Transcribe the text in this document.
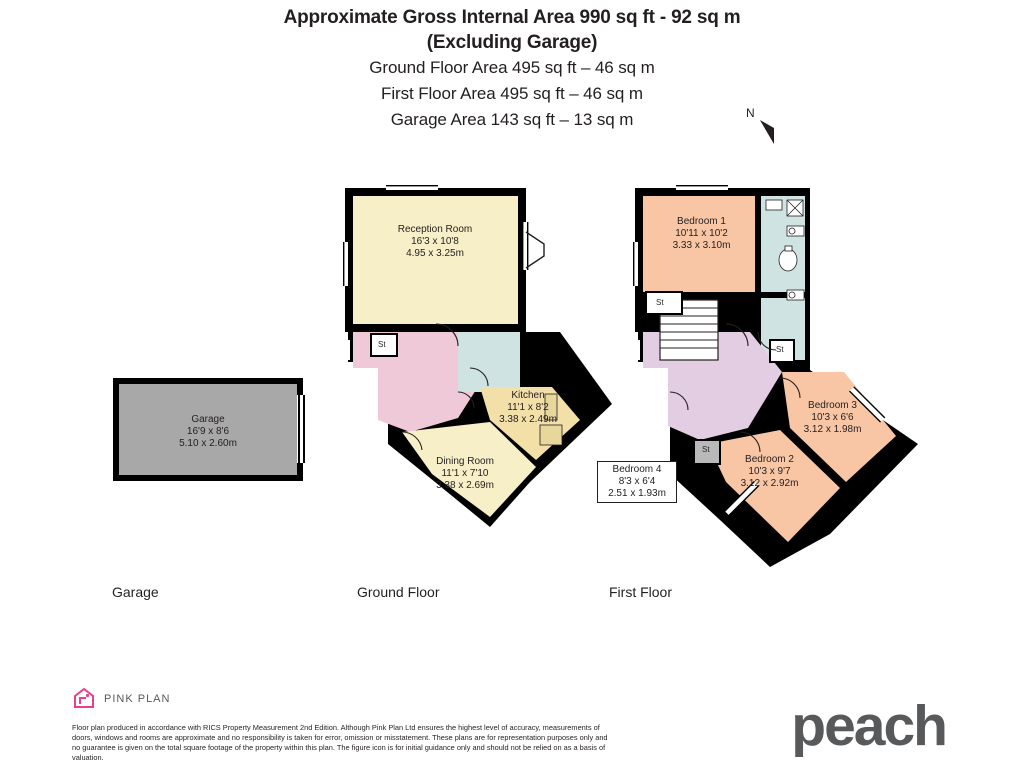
Approximate Gross Internal Area 990 sq ft - 92 sq m
(Excluding Garage)
Ground Floor Area 495 sq ft – 46 sq m
First Floor Area 495 sq ft – 46 sq m
Garage Area 143 sq ft – 13 sq m	N
Garage
16'9 x 8'6
5.10 x 2.60m
Reception Room
16'3 x 10'8
4.95 x 3.25m
Kitchen
11'1 x 8'2
3.38 x 2.49m
Dining Room
11'1 x 7'10
3.38 x 2.69m
St
Bedroom 1
10'11 x 10'2
3.33 x 3.10m
Bedroom 3
10'3 x 6'6
3.12 x 1.98m
Bedroom 2
10'3 x 9'7
3.12 x 2.92m
St
St
St
Bedroom 4
8'3 x 6'4
2.51 x 1.93m
Garage	Ground Floor	First Floor
PINK PLAN
Floor plan produced in accordance with RICS Property Measurement 2nd Edition. Although Pink Plan Ltd ensures the highest level of accuracy, measurements of doors, windows and rooms are approximate and no responsibility is taken for error, omission or misstatement. These plans are for representation purposes only and no guarantee is given on the total square footage of the property within this plan. The figure icon is for initial guidance only and should not be relied on as a basis of valuation.	peach
